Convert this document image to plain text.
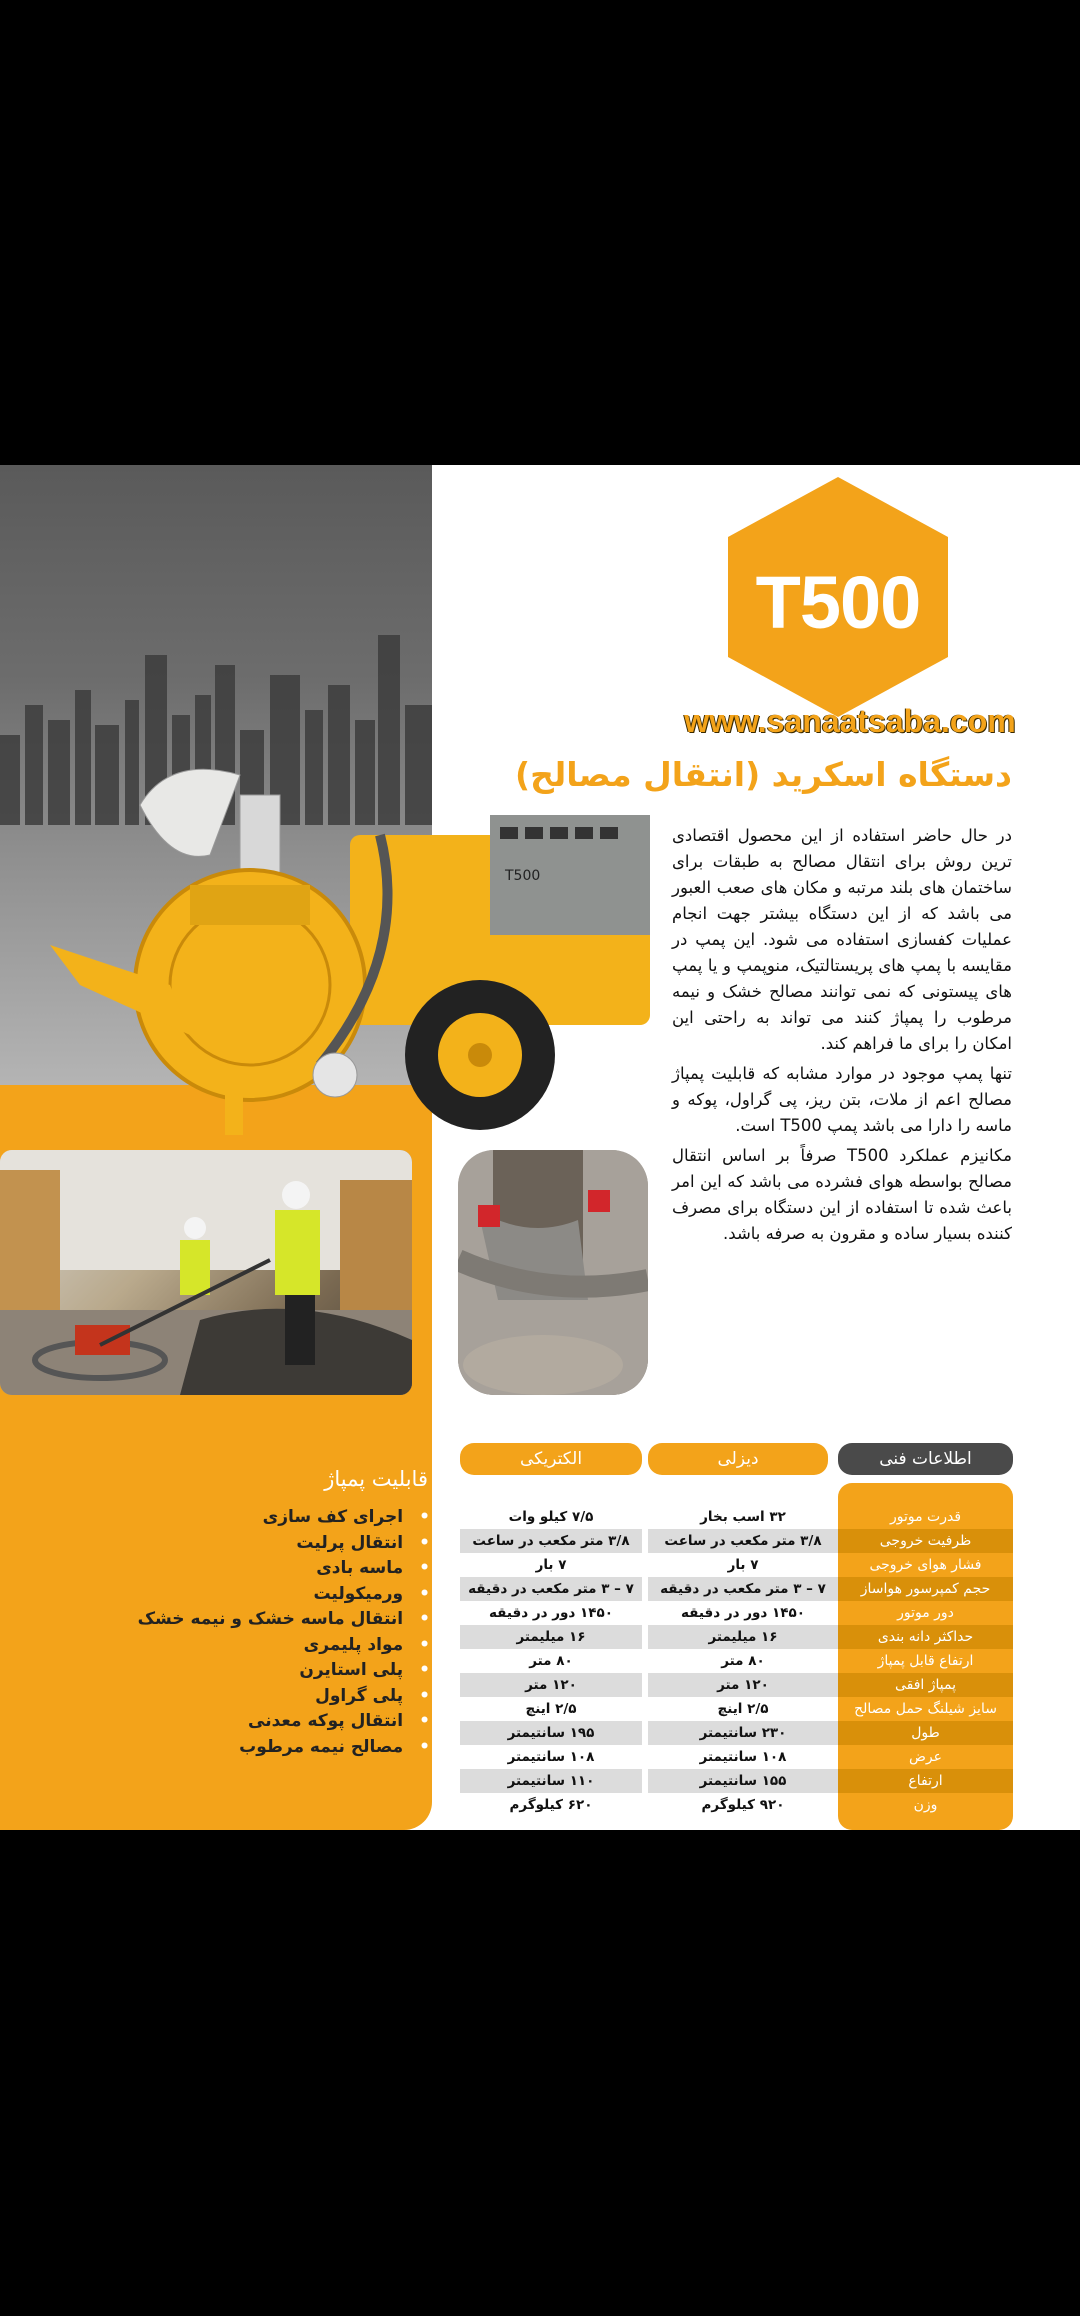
T500
www.sanaatsaba.com
دستگاه اسکرید (انتقال مصالح)

در حال حاضر استفاده از این محصول اقتصادی ترین روش برای انتقال مصالح به طبقات برای ساختمان های بلند مرتبه و مکان های صعب العبور می باشد که از این دستگاه بیشتر جهت انجام عملیات کفسازی استفاده می شود. این پمپ در مقایسه با پمپ های پریستالتیک، منوپمپ و یا پمپ های پیستونی که نمی توانند مصالح خشک و نیمه مرطوب را پمپاژ کنند می تواند به راحتی این امکان را برای ما فراهم کند.

تنها پمپ موجود در موارد مشابه که قابلیت پمپاژ مصالح اعم از ملات، بتن ریز، پی گراول، پوکه و ماسه را دارا می باشد پمپ T500 است.

مکانیزم عملکرد T500 صرفاً بر اساس انتقال مصالح بواسطه هوای فشرده می باشد که این امر باعث شده تا استفاده از این دستگاه برای مصرف کننده بسیار ساده و مقرون به صرفه باشد.

T500
قابلیت پمپاژ
• اجرای کف سازی
• انتقال پرلیت
• ماسه بادی
• ورمیکولیت
• انتقال ماسه خشک و نیمه خشک
• مواد پلیمری
• پلی استایرن
• پلی گراول
• انتقال پوکه معدنی
• مصالح نیمه مرطوب
اطلاعات فنی
دیزلی
الکتریکی
قدرت موتور
۳۲ اسب بخار
۷/۵ کیلو وات
ظرفیت خروجی
۳/۸ متر مکعب در ساعت
۳/۸ متر مکعب در ساعت
فشار هوای خروجی
۷ بار
۷ بار
حجم کمپرسور هواساز
۷ – ۳ متر مکعب در دقیقه
۷ – ۳ متر مکعب در دقیقه
دور موتور
۱۴۵۰ دور در دقیقه
۱۴۵۰ دور در دقیقه
حداکثر دانه بندی
۱۶ میلیمتر
۱۶ میلیمتر
ارتفاع قابل پمپاژ
۸۰ متر
۸۰ متر
پمپاژ افقی
۱۲۰ متر
۱۲۰ متر
سایز شیلنگ حمل مصالح
۲/۵ اینچ
۲/۵ اینچ
طول
۲۳۰ سانتیمتر
۱۹۵ سانتیمتر
عرض
۱۰۸ سانتیمتر
۱۰۸ سانتیمتر
ارتفاع
۱۵۵ سانتیمتر
۱۱۰ سانتیمتر
وزن
۹۲۰ کیلوگرم
۶۲۰ کیلوگرم
